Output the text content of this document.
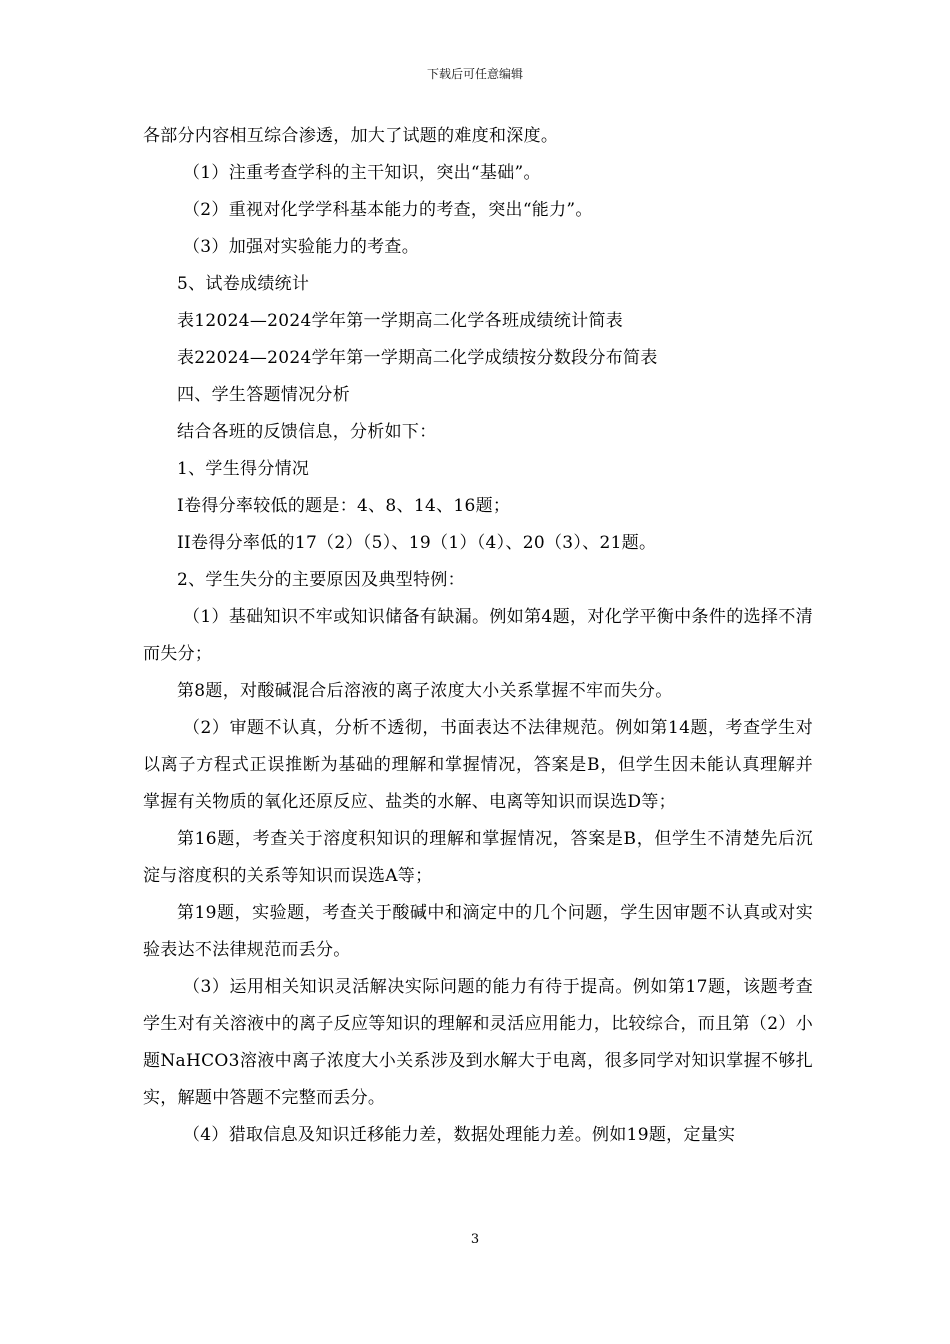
下载后可任意编辑

各部分内容相互综合渗透，加大了试题的难度和深度。

（1）注重考查学科的主干知识，突出“基础”。

（2）重视对化学学科基本能力的考查，突出“能力”。

（3）加强对实验能力的考查。

5、试卷成绩统计

表12024—2024学年第一学期高二化学各班成绩统计简表

表22024—2024学年第一学期高二化学成绩按分数段分布简表

四、学生答题情况分析

结合各班的反馈信息，分析如下：

1、学生得分情况

Ⅰ卷得分率较低的题是：4、8、14、16题；

II卷得分率低的17（2）（5）、19（1）（4）、20（3）、21题。

2、学生失分的主要原因及典型特例：

（1）基础知识不牢或知识储备有缺漏。例如第4题，对化学平衡中条件的选择不清而失分；

第8题，对酸碱混合后溶液的离子浓度大小关系掌握不牢而失分。

（2）审题不认真，分析不透彻，书面表达不法律规范。例如第14题，考查学生对以离子方程式正误推断为基础的理解和掌握情况，答案是B，但学生因未能认真理解并掌握有关物质的氧化还原反应、盐类的水解、电离等知识而误选D等；

第16题，考查关于溶度积知识的理解和掌握情况，答案是B，但学生不清楚先后沉淀与溶度积的关系等知识而误选A等；

第19题，实验题，考查关于酸碱中和滴定中的几个问题，学生因审题不认真或对实验表达不法律规范而丢分。

（3）运用相关知识灵活解决实际问题的能力有待于提高。例如第17题，该题考查学生对有关溶液中的离子反应等知识的理解和灵活应用能力，比较综合，而且第（2）小题NaHCO3溶液中离子浓度大小关系涉及到水解大于电离，很多同学对知识掌握不够扎实，解题中答题不完整而丢分。

（4）猎取信息及知识迁移能力差，数据处理能力差。例如19题，定量实

3
